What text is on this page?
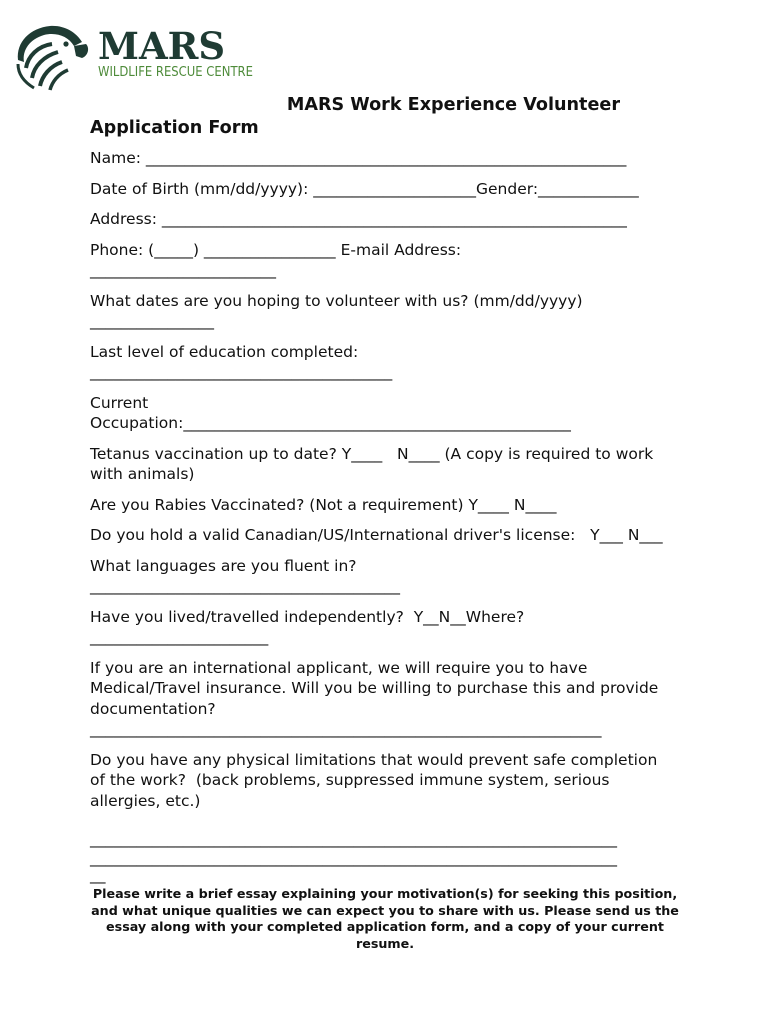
MARS
WILDLIFE RESCUE CENTRE
MARS Work Experience Volunteer
Application Form
Name: ______________________________________________________________
Date of Birth (mm/dd/yyyy): _____________________Gender:_____________
Address: ____________________________________________________________
Phone: (_____) _________________ E-mail Address:
________________________
What dates are you hoping to volunteer with us? (mm/dd/yyyy)
________________
Last level of education completed:
_______________________________________
Current
Occupation:__________________________________________________
Tetanus vaccination up to date? Y____   N____ (A copy is required to work
with animals)
Are you Rabies Vaccinated? (Not a requirement) Y____ N____
Do you hold a valid Canadian/US/International driver's license:   Y___ N___
What languages are you fluent in?
________________________________________
Have you lived/travelled independently?  Y__N__Where?
_______________________
If you are an international applicant, we will require you to have
Medical/Travel insurance. Will you be willing to purchase this and provide
documentation?
__________________________________________________________________
Do you have any physical limitations that would prevent safe completion
of the work?  (back problems, suppressed immune system, serious
allergies, etc.)
____________________________________________________________________
____________________________________________________________________
__
Please write a brief essay explaining your motivation(s) for seeking this position, and what unique qualities we can expect you to share with us. Please send us the essay along with your completed application form, and a copy of your current resume.
